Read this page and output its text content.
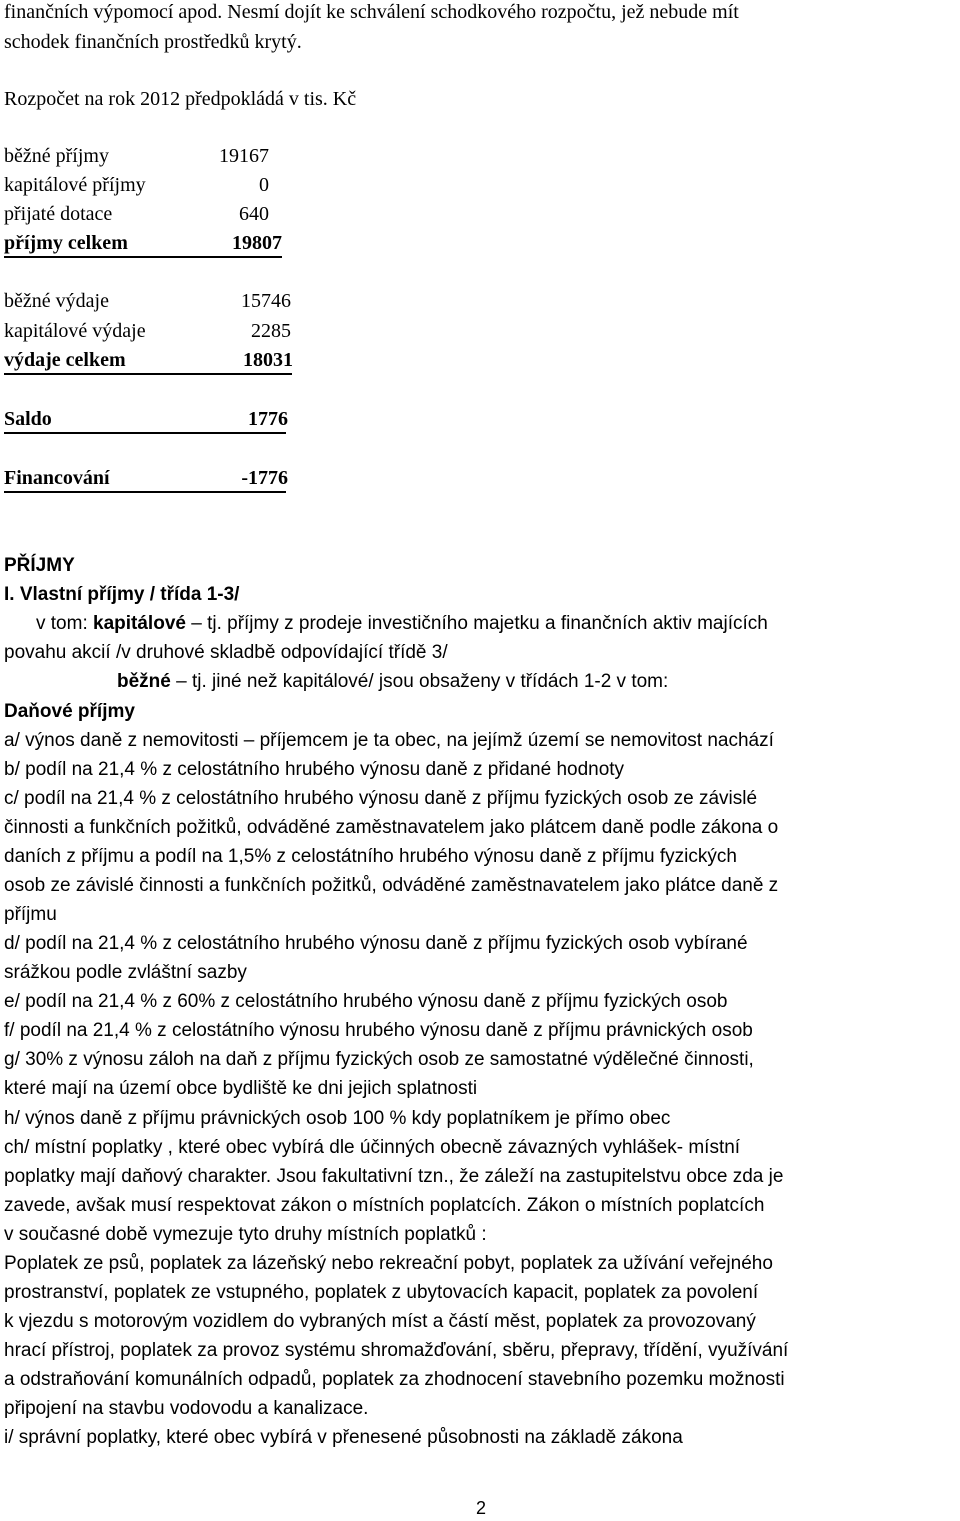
finančních výpomocí apod. Nesmí dojít ke schválení schodkového rozpočtu, jež nebude mít
schodek finančních prostředků krytý.
Rozpočet na rok 2012 předpokládá v tis. Kč
běžné příjmy	19167
kapitálové příjmy	0
přijaté dotace	640
příjmy celkem	19807
běžné výdaje	15746
kapitálové výdaje	2285
výdaje celkem	18031
Saldo	1776
Financování	-1776
PŘÍJMY
I. Vlastní příjmy / třída 1-3/
v tom: kapitálové – tj. příjmy z prodeje investičního majetku a finančních aktiv majících
povahu akcií /v druhové skladbě odpovídající třídě 3/
běžné – tj. jiné než kapitálové/ jsou obsaženy v třídách 1-2 v tom:
Daňové příjmy
a/ výnos daně z nemovitosti – příjemcem je ta obec, na jejímž území se nemovitost nachází
b/ podíl na 21,4 % z celostátního hrubého výnosu daně z přidané hodnoty
c/ podíl na 21,4 % z celostátního hrubého výnosu daně z příjmu fyzických osob ze závislé
činnosti a funkčních požitků, odváděné zaměstnavatelem jako plátcem daně podle zákona o
daních z příjmu a podíl na 1,5% z celostátního hrubého výnosu daně z příjmu fyzických
osob ze závislé činnosti a funkčních požitků, odváděné zaměstnavatelem jako plátce daně z
příjmu
d/ podíl na 21,4 % z celostátního hrubého výnosu daně z příjmu fyzických osob vybírané
srážkou podle zvláštní sazby
e/ podíl na 21,4 % z 60% z celostátního hrubého výnosu daně z příjmu fyzických osob
f/ podíl na 21,4 % z celostátního výnosu hrubého výnosu daně z příjmu právnických osob
g/ 30% z výnosu záloh na daň z příjmu fyzických osob ze samostatné výdělečné činnosti,
které mají na území obce bydliště ke dni jejich splatnosti
h/ výnos daně z příjmu právnických osob 100 % kdy poplatníkem je přímo obec
ch/ místní poplatky , které obec vybírá dle účinných obecně závazných vyhlášek- místní
poplatky mají daňový charakter. Jsou fakultativní tzn., že záleží na zastupitelstvu obce zda je
zavede, avšak musí respektovat zákon o místních poplatcích. Zákon o místních poplatcích
v současné době vymezuje tyto druhy místních poplatků :
Poplatek ze psů, poplatek za lázeňský nebo rekreační pobyt, poplatek za užívání veřejného
prostranství, poplatek ze vstupného, poplatek z ubytovacích kapacit, poplatek za povolení
k vjezdu s motorovým vozidlem do vybraných míst a částí měst, poplatek za provozovaný
hrací přístroj, poplatek za provoz systému shromažďování, sběru, přepravy, třídění, využívání
a odstraňování komunálních odpadů, poplatek za zhodnocení stavebního pozemku možnosti
připojení na stavbu vodovodu a kanalizace.
i/ správní poplatky, které obec vybírá v přenesené působnosti na základě zákona
2
